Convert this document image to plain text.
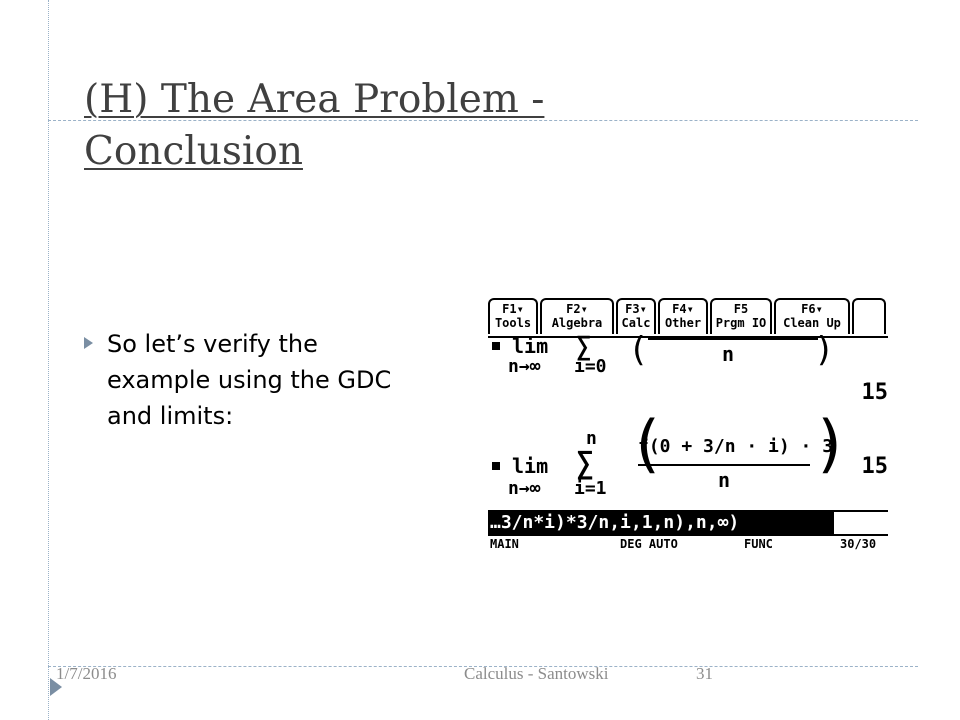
(H) The Area Problem - Conclusion
So let’s verify the example using the GDC and limits:
F1▾
Tools
F2▾
Algebra
F3▾
Calc
F4▾
Other
F5
Prgm IO
F6▾
Clean Up
lim
n→∞
∑
i=0 (	n )
15
lim
n→∞
n
∑
i=1
(
f(0 + 3/n · i) · 3
n ) 15
…3/n*i)*3/n,i,1,n),n,∞)
MAIN	DEG AUTO	FUNC	30/30
1/7/2016	Calculus - Santowski	31
